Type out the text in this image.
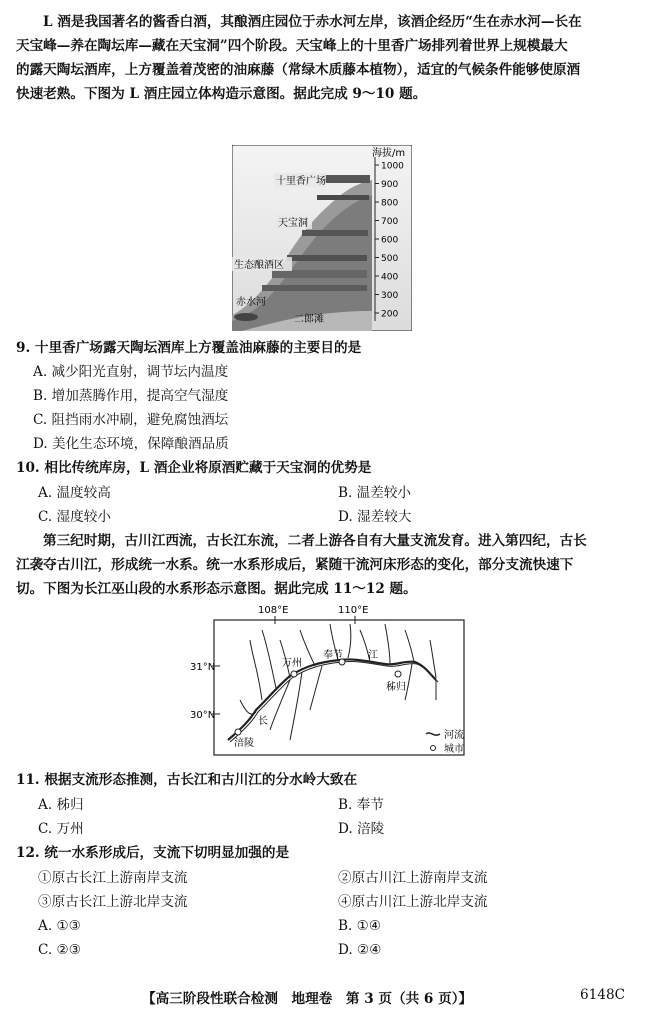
L 酒是我国著名的酱香白酒，其酿酒庄园位于赤水河左岸，该酒企经历“生在赤水河—长在
天宝峰—养在陶坛库—藏在天宝洞”四个阶段。天宝峰上的十里香广场排列着世界上规模最大
的露天陶坛酒库，上方覆盖着茂密的油麻藤（常绿木质藤本植物），适宜的气候条件能够使原酒
快速老熟。下图为 L 酒庄园立体构造示意图。据此完成 9～10 题。
1000
900
800
700
600
500
400
300
200
海拔/m
十里香广场
天宝洞
生态酿酒区
赤水河
二郎滩
9. 十里香广场露天陶坛酒库上方覆盖油麻藤的主要目的是
A. 减少阳光直射，调节坛内温度
B. 增加蒸腾作用，提高空气湿度
C. 阻挡雨水冲刷，避免腐蚀酒坛
D. 美化生态环境，保障酿酒品质
10. 相比传统库房，L 酒企业将原酒贮藏于天宝洞的优势是
A. 温度较高	B. 温差较小
C. 湿度较小	D. 湿差较大
第三纪时期，古川江西流，古长江东流，二者上游各自有大量支流发育。进入第四纪，古长
江袭夺古川江，形成统一水系。统一水系形成后，紧随干流河床形态的变化，部分支流快速下
切。下图为长江巫山段的水系形态示意图。据此完成 11～12 题。
108°E	110°E
31°N
30°N
万州
奉节
秭归
涪陵
江
长
河流
城市
11. 根据支流形态推测，古长江和古川江的分水岭大致在
A. 秭归	B. 奉节
C. 万州	D. 涪陵
12. 统一水系形成后，支流下切明显加强的是
①原古长江上游南岸支流	②原古川江上游南岸支流
③原古长江上游北岸支流	④原古川江上游北岸支流
A. ①③	B. ①④
C. ②③	D. ②④
【高三阶段性联合检测　地理卷　第 3 页（共 6 页）】	6148C
